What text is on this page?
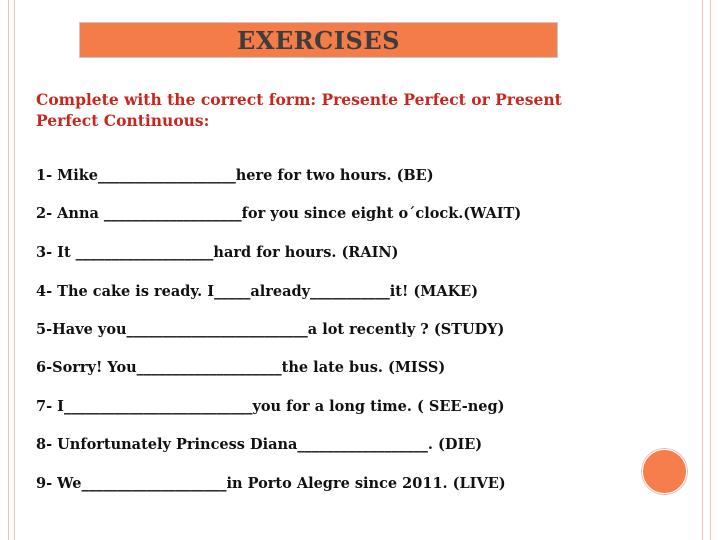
EXERCISES
Complete with the correct form: Presente Perfect or Present
Perfect Continuous:
1- Mike___________________here for two hours. (BE)
2- Anna ___________________for you since eight o´clock.(WAIT)
3- It ___________________hard for hours. (RAIN)
4- The cake is ready. I_____already___________it! (MAKE)
5-Have you_________________________a lot recently ? (STUDY)
6-Sorry! You____________________the late bus. (MISS)
7- I__________________________you for a long time. ( SEE-neg)
8- Unfortunately Princess Diana__________________. (DIE)
9- We____________________in Porto Alegre since 2011. (LIVE)
